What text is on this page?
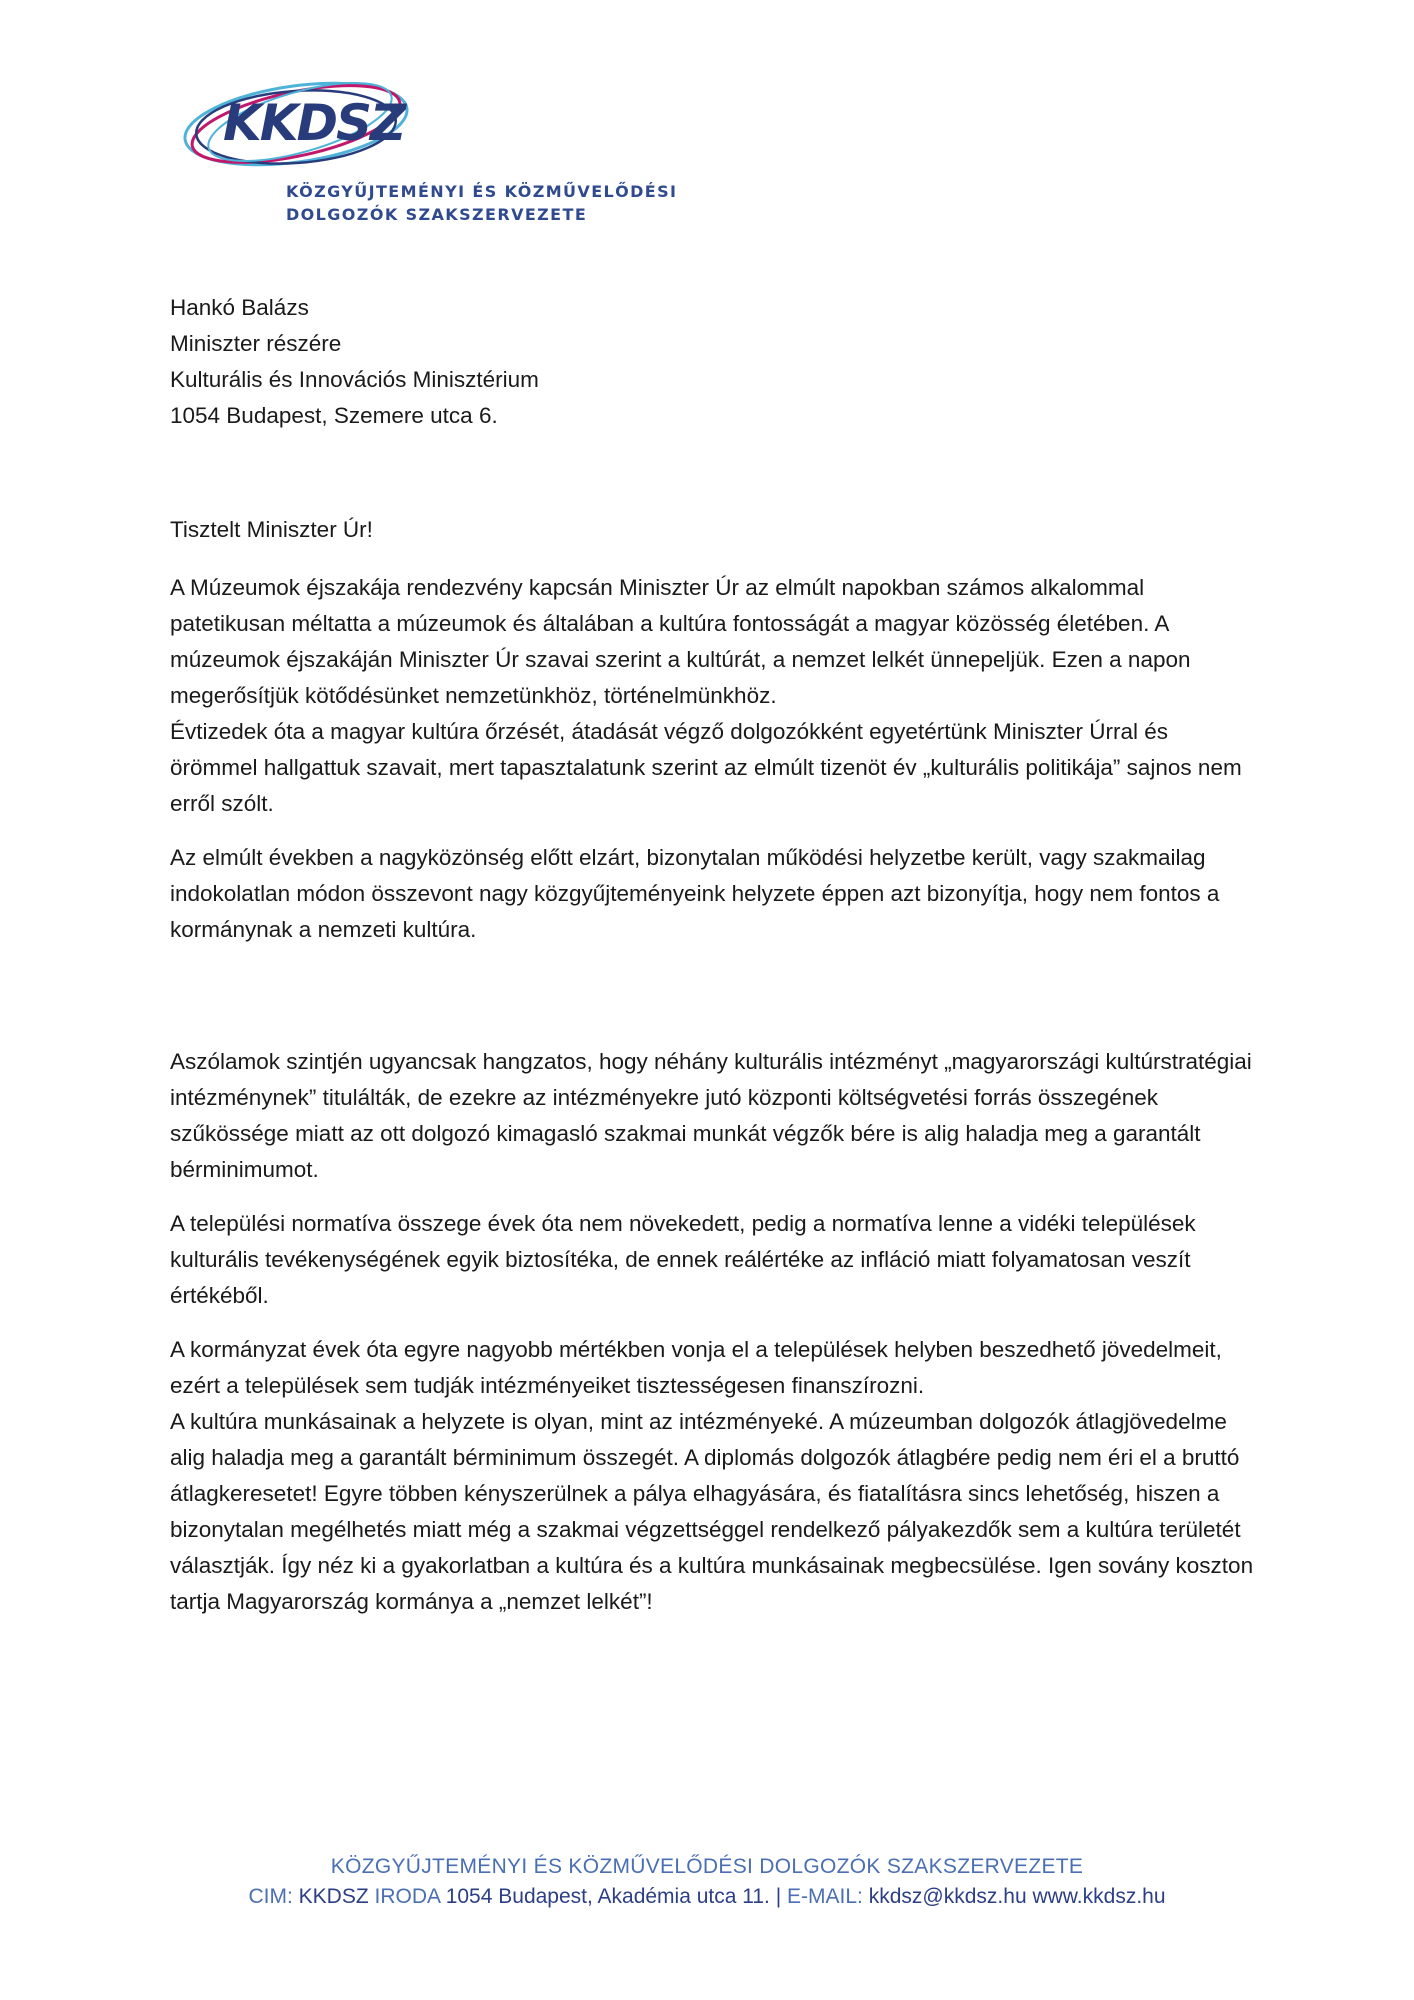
KKDSZ
KÖZGYŰJTEMÉNYI ÉS KÖZMŰVELŐDÉSI
DOLGOZÓK SZAKSZERVEZETE
Hankó Balázs
Miniszter részére
Kulturális és Innovációs Minisztérium
1054 Budapest, Szemere utca 6.
Tisztelt Miniszter Úr!

A Múzeumok éjszakája rendezvény kapcsán Miniszter Úr az elmúlt napokban számos alkalommal patetikusan méltatta a múzeumok és általában a kultúra fontosságát a magyar közösség életében. A múzeumok éjszakáján Miniszter Úr szavai szerint a kultúrát, a nemzet lelkét ünnepeljük. Ezen a napon megerősítjük kötődésünket nemzetünkhöz, történelmünkhöz.

Évtizedek óta a magyar kultúra őrzését, átadását végző dolgozókként egyetértünk Miniszter Úrral és örömmel hallgattuk szavait, mert tapasztalatunk szerint az elmúlt tizenöt év „kulturális politikája” sajnos nem erről szólt.

Az elmúlt években a nagyközönség előtt elzárt, bizonytalan működési helyzetbe került, vagy szakmailag indokolatlan módon összevont nagy közgyűjteményeink helyzete éppen azt bizonyítja, hogy nem fontos a kormánynak a nemzeti kultúra.

Aszólamok szintjén ugyancsak hangzatos, hogy néhány kulturális intézményt „magyarországi kultúrstratégiai intézménynek” titulálták, de ezekre az intézményekre jutó központi költségvetési forrás összegének szűkössége miatt az ott dolgozó kimagasló szakmai munkát végzők bére is alig haladja meg a garantált bérminimumot.

A települési normatíva összege évek óta nem növekedett, pedig a normatíva lenne a vidéki települések kulturális tevékenységének egyik biztosítéka, de ennek reálértéke az infláció miatt folyamatosan veszít értékéből.

A kormányzat évek óta egyre nagyobb mértékben vonja el a települések helyben beszedhető jövedelmeit, ezért a települések sem tudják intézményeiket tisztességesen finanszírozni.

A kultúra munkásainak a helyzete is olyan, mint az intézményeké. A múzeumban dolgozók átlagjövedelme alig haladja meg a garantált bérminimum összegét. A diplomás dolgozók átlagbére pedig nem éri el a bruttó átlagkeresetet! Egyre többen kényszerülnek a pálya elhagyására, és fiatalításra sincs lehetőség, hiszen a bizonytalan megélhetés miatt még a szakmai végzettséggel rendelkező pályakezdők sem a kultúra területét választják. Így néz ki a gyakorlatban a kultúra és a kultúra munkásainak megbecsülése. Igen sovány koszton tartja Magyarország kormánya a „nemzet lelkét”!

KÖZGYŰJTEMÉNYI ÉS KÖZMŰVELŐDÉSI DOLGOZÓK SZAKSZERVEZETE
CIM: KKDSZ IRODA 1054 Budapest, Akadémia utca 11. | E-MAIL: kkdsz@kkdsz.hu www.kkdsz.hu
